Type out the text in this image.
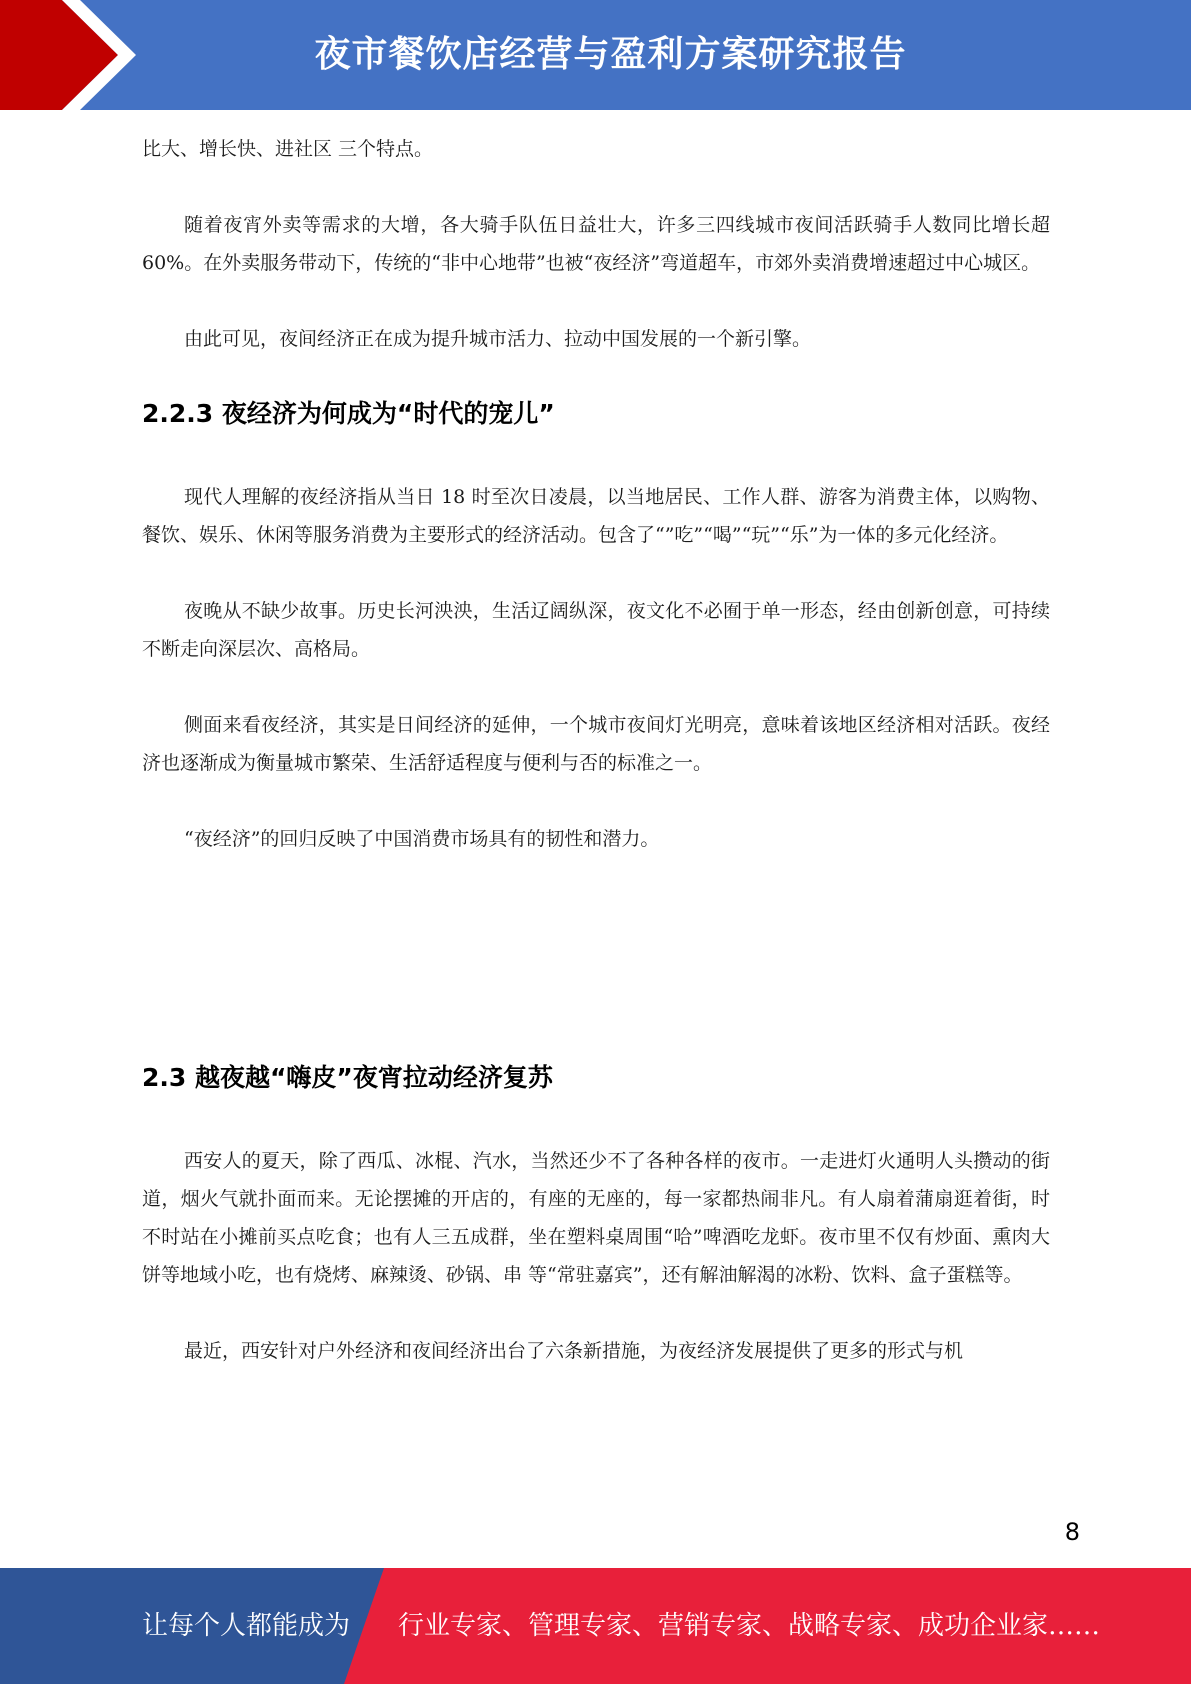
夜市餐饮店经营与盈利方案研究报告

比大、增长快、进社区 三个特点。

随着夜宵外卖等需求的大增，各大骑手队伍日益壮大，许多三四线城市夜间活跃骑手人数同比增长超 60%。在外卖服务带动下，传统的“非中心地带”也被“夜经济”弯道超车，市郊外卖消费增速超过中心城区。

由此可见，夜间经济正在成为提升城市活力、拉动中国发展的一个新引擎。

2.2.3 夜经济为何成为“时代的宠儿”

现代人理解的夜经济指从当日 18 时至次日凌晨，以当地居民、工作人群、游客为消费主体，以购物、餐饮、娱乐、休闲等服务消费为主要形式的经济活动。包含了“”吃”“喝”“玩”“乐”为一体的多元化经济。

夜晚从不缺少故事。历史长河泱泱，生活辽阔纵深，夜文化不必囿于单一形态，经由创新创意，可持续不断走向深层次、高格局。

侧面来看夜经济，其实是日间经济的延伸，一个城市夜间灯光明亮，意味着该地区经济相对活跃。夜经济也逐渐成为衡量城市繁荣、生活舒适程度与便利与否的标准之一。

“夜经济”的回归反映了中国消费市场具有的韧性和潜力。

2.3 越夜越“嗨皮”夜宵拉动经济复苏

西安人的夏天，除了西瓜、冰棍、汽水，当然还少不了各种各样的夜市。一走进灯火通明人头攒动的街道，烟火气就扑面而来。无论摆摊的开店的，有座的无座的，每一家都热闹非凡。有人扇着蒲扇逛着街，时不时站在小摊前买点吃食；也有人三五成群，坐在塑料桌周围“哈”啤酒吃龙虾。夜市里不仅有炒面、熏肉大饼等地域小吃，也有烧烤、麻辣烫、砂锅、串 等“常驻嘉宾”，还有解油解渴的冰粉、饮料、盒子蛋糕等。

最近，西安针对户外经济和夜间经济出台了六条新措施，为夜经济发展提供了更多的形式与机

8
让每个人都能成为 行业专家、管理专家、营销专家、战略专家、成功企业家……
